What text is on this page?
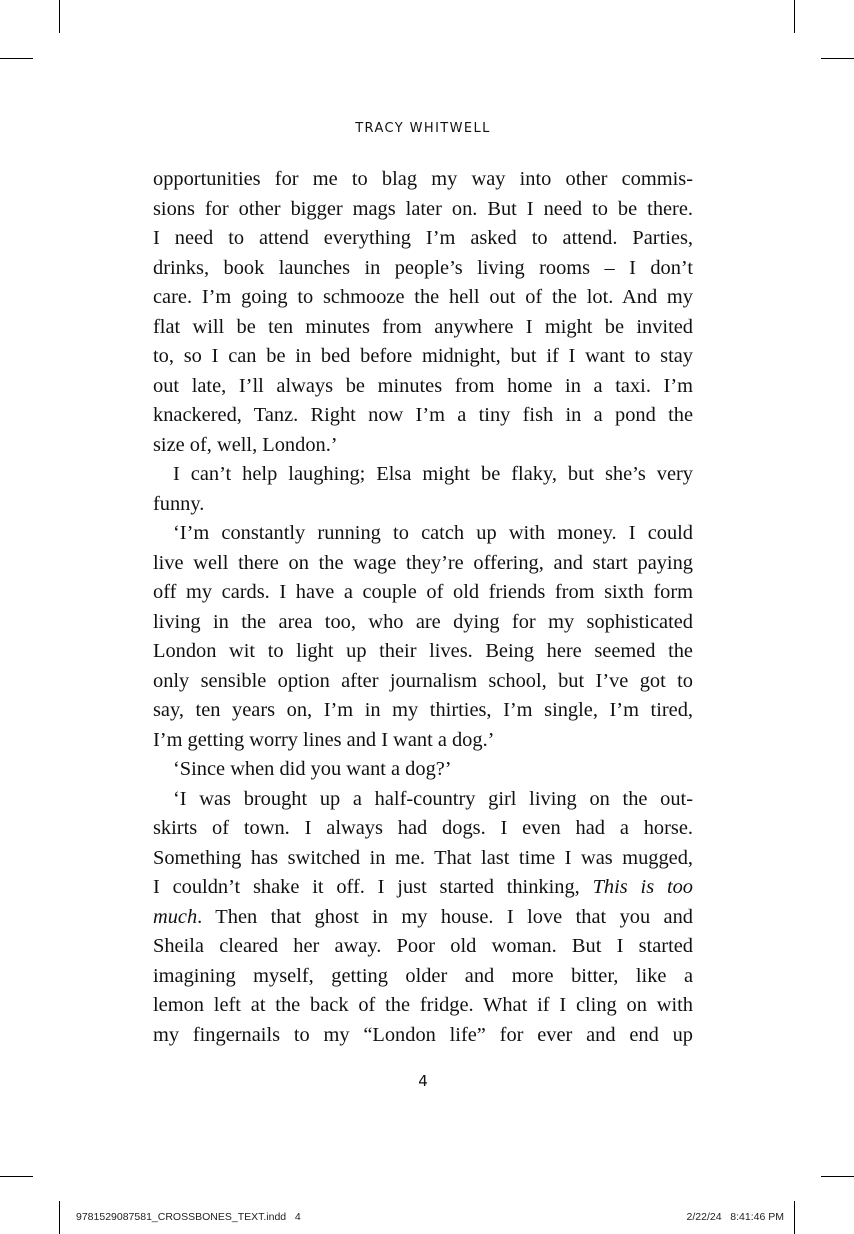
TRACY WHITWELL
opportunities for me to blag my way into other commis-
sions for other bigger mags later on. But I need to be there.
I need to attend everything I’m asked to attend. Parties,
drinks, book launches in people’s living rooms – I don’t
care. I’m going to schmooze the hell out of the lot. And my
flat will be ten minutes from anywhere I might be invited
to, so I can be in bed before midnight, but if I want to stay
out late, I’ll always be minutes from home in a taxi. I’m
knackered, Tanz. Right now I’m a tiny fish in a pond the
size of, well, London.’
I can’t help laughing; Elsa might be flaky, but she’s very
funny.
‘I’m constantly running to catch up with money. I could
live well there on the wage they’re offering, and start paying
off my cards. I have a couple of old friends from sixth form
living in the area too, who are dying for my sophisticated
London wit to light up their lives. Being here seemed the
only sensible option after journalism school, but I’ve got to
say, ten years on, I’m in my thirties, I’m single, I’m tired,
I’m getting worry lines and I want a dog.’
‘Since when did you want a dog?’
‘I was brought up a half-country girl living on the out-
skirts of town. I always had dogs. I even had a horse.
Something has switched in me. That last time I was mugged,
I couldn’t shake it off. I just started thinking, This is too
much. Then that ghost in my house. I love that you and
Sheila cleared her away. Poor old woman. But I started
imagining myself, getting older and more bitter, like a
lemon left at the back of the fridge. What if I cling on with
my fingernails to my “London life” for ever and end up
4
9781529087581_CROSSBONES_TEXT.indd   4	2/22/24   8:41:46 PM
